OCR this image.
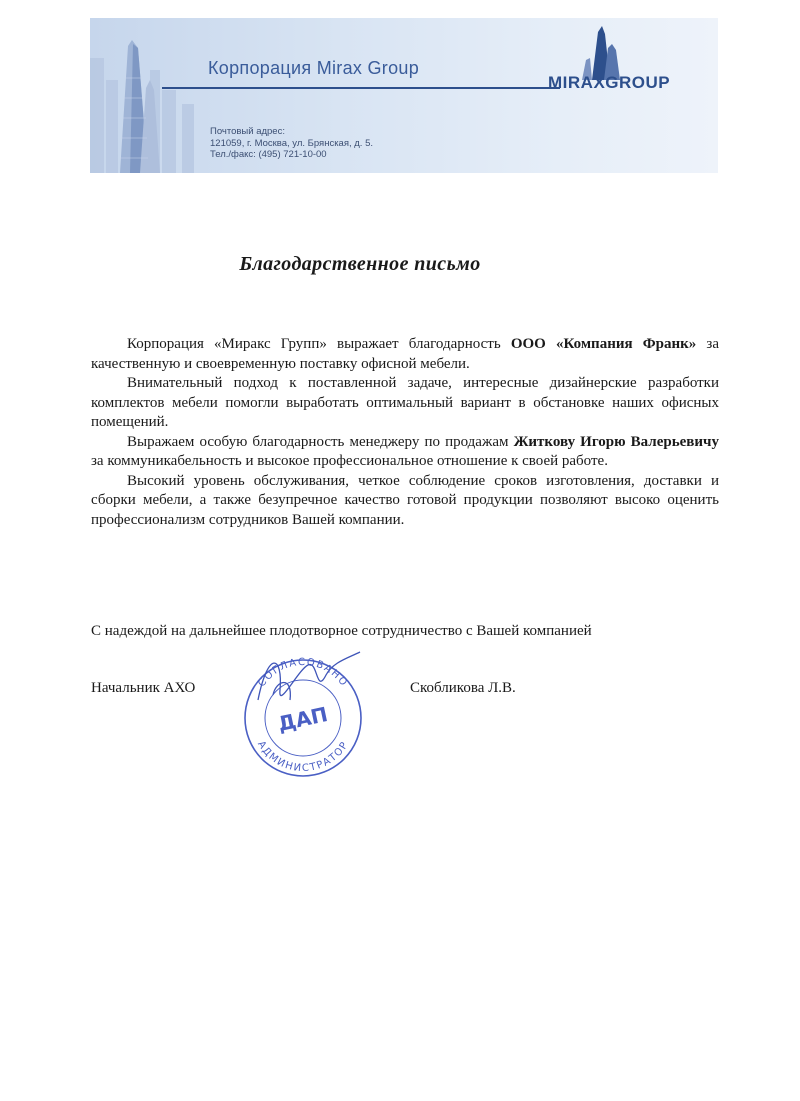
Корпорация Mirax Group
MIRAXGROUP
Почтовый адрес:
121059, г. Москва, ул. Брянская, д. 5.
Тел./факс: (495) 721-10-00
Благодарственное письмо

Корпорация «Миракс Групп» выражает благодарность ООО «Компания Франк» за качественную и своевременную поставку офисной мебели.

Внимательный подход к поставленной задаче, интересные дизайнерские разработки комплектов мебели помогли выработать оптимальный вариант в обстановке наших офисных помещений.

Выражаем особую благодарность менеджеру по продажам Житкову Игорю Валерьевичу за коммуникабельность и высокое профессиональное отношение к своей работе.

Высокий уровень обслуживания, четкое соблюдение сроков изготовления, доставки и сборки мебели, а также безупречное качество готовой продукции позволяют высоко оценить профессионализм сотрудников Вашей компании.

С надеждой на дальнейшее плодотворное сотрудничество с Вашей компанией
СОГЛАСОВАНО
АДМИНИСТРАТОР
ДАП
Начальник АХО	Скобликова Л.В.
